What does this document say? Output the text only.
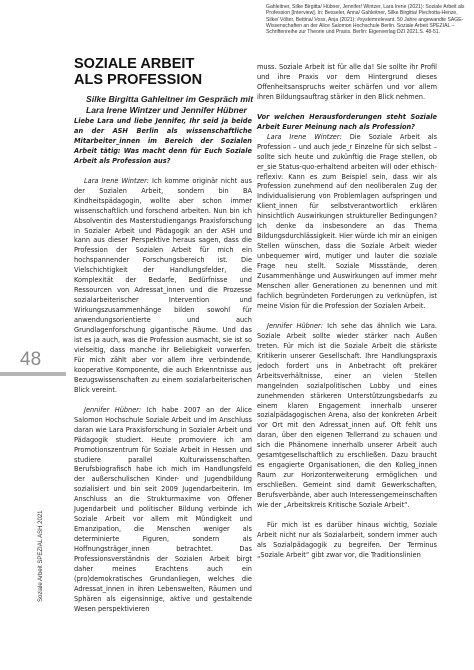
Gahleitner, Silke Birgitta/ Hübner, Jennifer/ Wintzer, Lara Irene (2021): Soziale Arbeit als Profession [Interview]. In: Besseler, Anna/ Gahleitner, Silke Birgitta/ Piechotta-Henze, Silke/ Völter, Bettina/ Voss, Anja (2021): #systemrelevant. 50 Jahre angewandte SAGE-Wissenschaften an der Alice Salomon Hochschule Berlin. Soziale Arbeit SPEZIAL – Schriftenreihe zur Theorie und Praxis. Berlin: Eigenverlag DZI 2021.S. 48-51.
48
Soziale Arbeit SPEZIAL ASH 2021
SOZIALE ARBEIT
ALS PROFESSION

Silke Birgitta Gahleitner im Gespräch mit Lara Irene Wintzer und Jennifer Hübner

Liebe Lara und liebe Jennifer, Ihr seid ja beide an der ASH Berlin als wissenschaftliche Mitarbeiter_innen im Bereich der Sozialen Arbeit tätig: Was macht denn für Euch Soziale Arbeit als Profession aus?

Lara Irene Wintzer: Ich komme originär nicht aus der Sozialen Arbeit, sondern bin BA Kindheitspädagogin, wollte aber schon immer wissenschaftlich und forschend arbeiten. Nun bin ich Absolventin des Masterstudiengangs Praxisforschung in Sozialer Arbeit und Pädagogik an der ASH und kann aus dieser Perspektive heraus sagen, dass die Profession der Sozialen Arbeit für mich ein hochspannender Forschungsbereich ist. Die Vielschichtigkeit der Handlungsfelder, die Komplexität der Bedarfe, Bedürfnisse und Ressourcen von Adressat_innen und die Prozesse sozialarbeiterischer Intervention und Wirkungszusammenhänge bilden sowohl für anwendungsorientierte und auch Grundlagenforschung gigantische Räume. Und das ist es ja auch, was die Profession ausmacht, sie ist so vielseitig, dass manche ihr Beliebigkeit vorwerfen. Für mich zählt aber vor allem ihre verbindende, kooperative Komponente, die auch Erkenntnisse aus Bezugswissenschaften zu einem sozialarbeiterischen Blick vereint.

Jennifer Hübner: Ich habe 2007 an der Alice Salomon Hochschule Soziale Arbeit und im Anschluss daran wie Lara Praxisforschung in Sozialer Arbeit und Pädagogik studiert. Heute promoviere ich am Promotionszentrum für Soziale Arbeit in Hessen und studiere parallel Kulturwissenschaften. Berufsbiografisch habe ich mich im Handlungsfeld der außerschulischen Kinder- und Jugendbildung sozialisiert und bin seit 2009 Jugendarbeiterin. Im Anschluss an die Strukturmaxime von Offener Jugendarbeit und politischer Bildung verbinde ich Soziale Arbeit vor allem mit Mündigkeit und Emanzipation, die Menschen weniger als determinierte Figuren, sondern als Hoffnungsträger_innen betrachtet. Das Professionsverständnis der Sozialen Arbeit birgt daher meines Erachtens auch ein (pro)demokratisches Grundanliegen, welches die Adressat_innen in ihren Lebenswelten, Räumen und Sphären als eigensinnige, aktive und gestaltende Wesen perspektivieren

muss. Soziale Arbeit ist für alle da! Sie sollte ihr Profil und ihre Praxis vor dem Hintergrund dieses Offenheitsanspruchs weiter schärfen und vor allem ihren Bildungsauftrag stärker in den Blick nehmen.

Vor welchen Herausforderungen steht Soziale Arbeit Eurer Meinung nach als Profession?

Lara Irene Wintzer: Die Soziale Arbeit als Profession – und auch jede_r Einzelne für sich selbst – sollte sich heute und zukünftig die Frage stellen, ob er_sie Status-quo-erhaltend arbeiten will oder ethisch-reflexiv: Kann es zum Beispiel sein, dass wir als Profession zunehmend auf den neoliberalen Zug der Individualisierung von Problemlagen aufspringen und Klient_innen für selbstverantwortlich erklären hinsichtlich Auswirkungen struktureller Bedingungen? Ich denke da insbesondere an das Thema Bildungsdurchlässigkeit. Hier würde ich mir an einigen Stellen wünschen, dass die Soziale Arbeit wieder unbequemer wird, mutiger und lauter die soziale Frage neu stellt. Soziale Missstände, deren Zusammenhänge und Auswirkungen auf immer mehr Menschen aller Generationen zu benennen und mit fachlich begründeten Forderungen zu verknüpfen, ist meine Vision für die Profession der Sozialen Arbeit.

Jennifer Hübner: Ich sehe das ähnlich wie Lara. Soziale Arbeit sollte wieder stärker nach Außen treten. Für mich ist die Soziale Arbeit die stärkste Kritikerin unserer Gesellschaft. Ihre Handlungspraxis jedoch fordert uns in Anbetracht oft prekärer Arbeitsverhältnisse, einer an vielen Stellen mangelnden sozialpolitischen Lobby und eines zunehmenden stärkeren Unterstützungsbedarfs zu einem klaren Engagement innerhalb unserer sozialpädagogischen Arena, also der konkreten Arbeit vor Ort mit den Adressat_innen auf. Oft fehlt uns daran, über den eigenen Tellerrand zu schauen und sich die Phänomene innerhalb unserer Arbeit auch gesamtgesellschaftlich zu erschließen. Dazu braucht es engagierte Organisationen, die den Kolleg_innen Raum zur Horizonterweiterung ermöglichen und erschließen. Gemeint sind damit Gewerkschaften, Berufsverbände, aber auch Interessengemeinschaften wie der „Arbeitskreis Kritische Soziale Arbeit“.

Für mich ist es darüber hinaus wichtig, Soziale Arbeit nicht nur als Sozialarbeit, sondern immer auch als Sozialpädagogik zu begreifen. Der Terminus „Soziale Arbeit“ gibt zwar vor, die Traditionslinien
